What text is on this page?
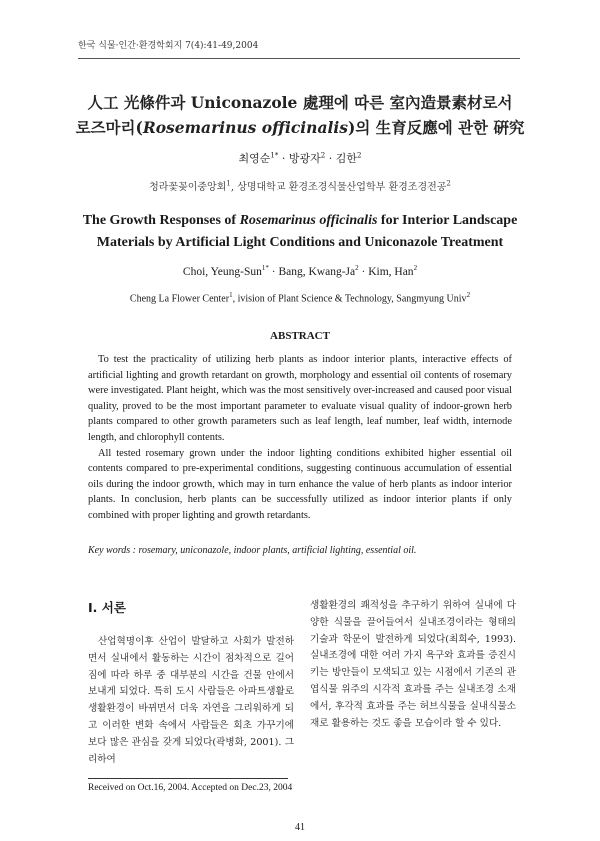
한국 식물·인간·환경학회지 7(4):41-49,2004
人工 光條件과 Uniconazole 處理에 따른 室內造景素材로서
로즈마리(Rosemarinus officinalis)의 生育反應에 관한 硏究
최영순$^{1*}$ · 방광자$^2$ · 김한$^2$
청라꽃꽂이중앙회$^1$, 상명대학교 환경조경식물산업학부 환경조경전공$^2$
The Growth Responses of Rosemarinus officinalis for Interior Landscape
Materials by Artificial Light Conditions and Uniconazole Treatment
Choi, Yeung-Sun$^{1*}$ · Bang, Kwang-$Ja^2$ · Kim, Han$^2$
Cheng La Flower Center$^1$, ivision of Plant Science & Technology, Sangmyung Univ$^2$
ABSTRACT

To test the practicality of utilizing herb plants as indoor interior plants, interactive effects of artificial lighting and growth retardant on growth, morphology and essential oil contents of rosemary were investigated. Plant height, which was the most sensitively over-increased and caused poor visual quality, proved to be the most important parameter to evaluate visual quality of indoor-grown herb plants compared to other growth parameters such as leaf length, leaf number, leaf width, internode length, and chlorophyll contents.

All tested rosemary grown under the indoor lighting conditions exhibited higher essential oil contents compared to pre-experimental conditions, suggesting continuous accumulation of essential oils during the indoor growth, which may in turn enhance the value of herb plants as indoor interior plants. In conclusion, herb plants can be successfully utilized as indoor interior plants if only combined with proper lighting and growth retardants.

Key words : rosemary, uniconazole, indoor plants, artificial lighting, essential oil.
Ⅰ. 서론

산업혁명이후 산업이 발달하고 사회가 발전하면서 실내에서 활동하는 시간이 점차적으로 길어짐에 따라 하루 중 대부분의 시간을 건물 안에서 보내게 되었다. 특히 도시 사람들은 아파트생활로 생활환경이 바뀌면서 더욱 자연을 그리워하게 되고 이러한 변화 속에서 사람들은 회초 가꾸기에 보다 많은 관심을 갖게 되었다(곽병화, 2001). 그리하여

생활환경의 쾌적성을 추구하기 위하여 실내에 다양한 식물을 끌어들여서 실내조경이라는 형태의 기술과 학문이 발전하게 되었다(최희수, 1993). 실내조경에 대한 여러 가지 욕구와 효과를 증진시키는 방안들이 모색되고 있는 시점에서 기존의 관엽식물 위주의 시각적 효과를 주는 실내조경 소재에서, 후각적 효과를 주는 허브식물을 실내식물소재로 활용하는 것도 좋을 모습이라 할 수 있다.

Received on Oct.16, 2004. Accepted on Dec.23, 2004
41
